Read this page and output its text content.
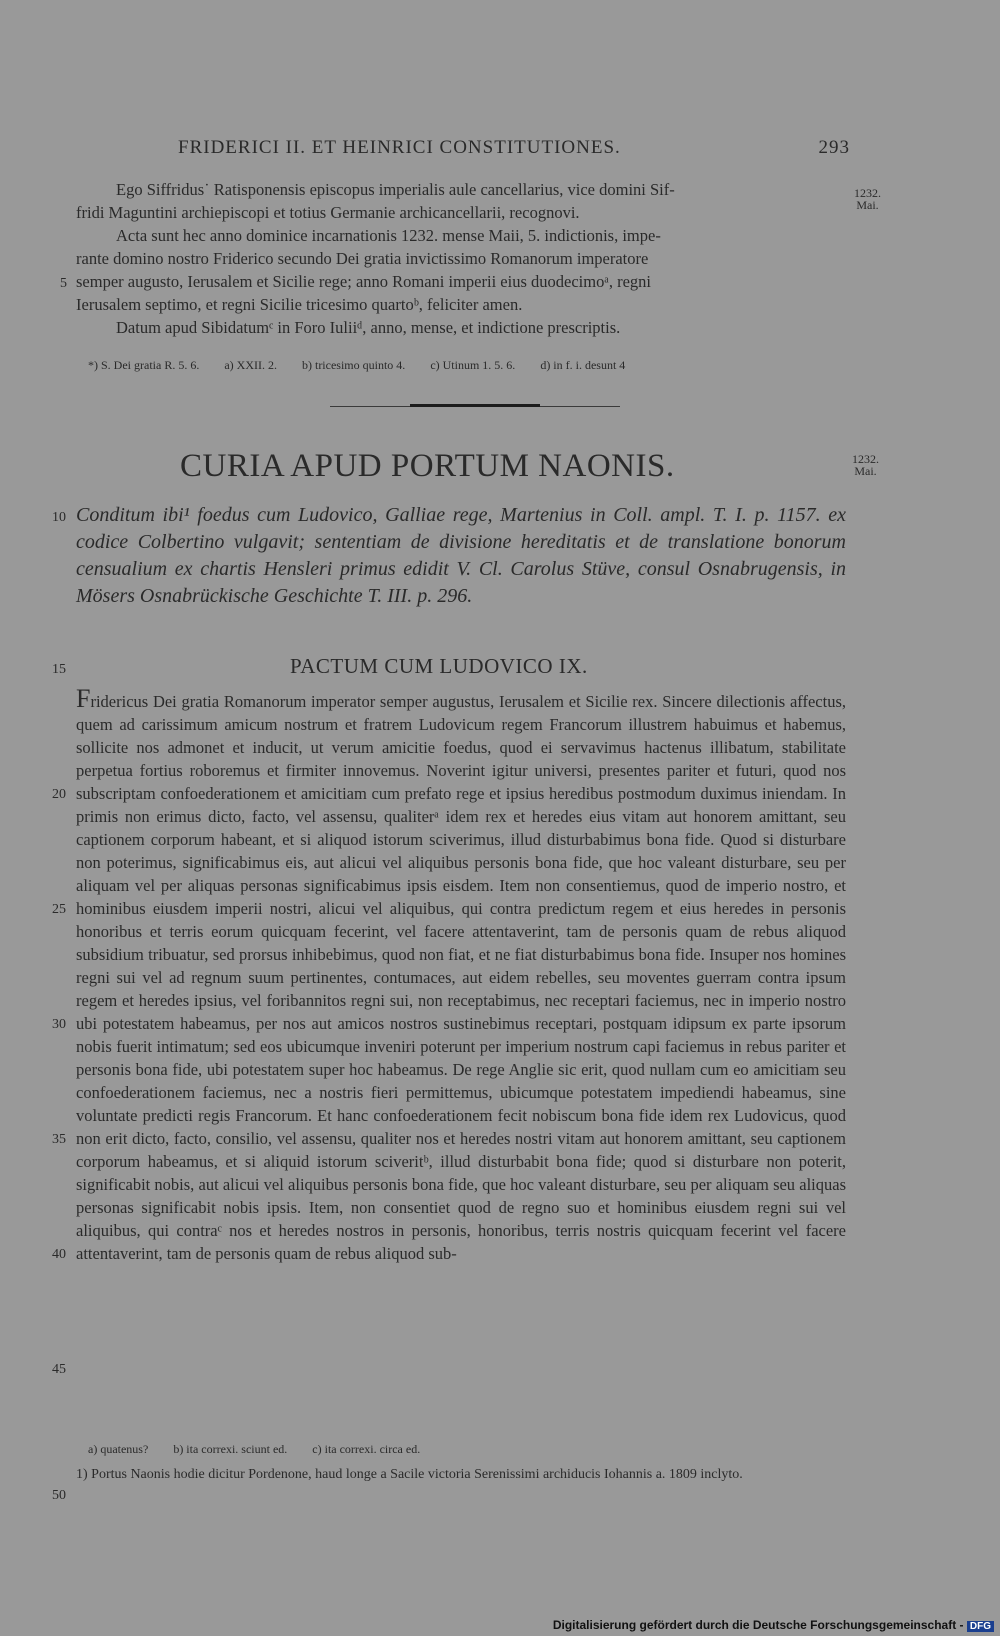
FRIDERICI II. ET HEINRICI CONSTITUTIONES.	293
1232.
Mai.

Ego Siffridus˙ Ratisponensis episcopus imperialis aule cancellarius, vice domini Sif-

fridi Maguntini archiepiscopi et totius Germanie archicancellarii, recognovi.

Acta sunt hec anno dominice incarnationis 1232. mense Maii, 5. indictionis, impe-

rante domino nostro Friderico secundo Dei gratia invictissimo Romanorum imperatore

semper augusto, Ierusalem et Sicilie rege; anno Romani imperii eius duodecimoᵃ, regni

Ierusalem septimo, et regni Sicilie tricesimo quartoᵇ, feliciter amen.

Datum apud Sibidatumᶜ in Foro Iuliiᵈ, anno, mense, et indictione prescriptis.

5
*) S. Dei gratia R. 5. 6. a) XXII. 2. b) tricesimo quinto 4. c) Utinum 1. 5. 6. d) in f. i. desunt 4
CURIA APUD PORTUM NAONIS.	1232.
Mai.
10 Conditum ibi¹ foedus cum Ludovico, Galliae rege, Martenius in Coll. ampl. T. I. p. 1157. ex codice Colbertino vulgavit; sententiam de divisione hereditatis et de translatione bonorum censualium ex chartis Hensleri primus edidit V. Cl. Carolus Stüve, consul Osnabrugensis, in Mösers Osnabrückische Geschichte T. III. p. 296.
15	PACTUM CUM LUDOVICO IX.

Fridericus Dei gratia Romanorum imperator semper augustus, Ierusalem et Sicilie rex. Sincere dilectionis affectus, quem ad carissimum amicum nostrum et fratrem Ludovicum regem Francorum illustrem habuimus et habemus, sollicite nos admonet et inducit, ut verum amicitie foedus, quod ei servavimus hactenus illibatum, stabilitate perpetua fortius roboremus et firmiter innovemus. Noverint igitur universi, presentes pariter et futuri, quod nos subscriptam confoederationem et amicitiam cum prefato rege et ipsius heredibus postmodum duximus iniendam. In primis non erimus dicto, facto, vel assensu, qualiterᵃ idem rex et heredes eius vitam aut honorem amittant, seu captionem corporum habeant, et si aliquod istorum sciverimus, illud disturbabimus bona fide. Quod si disturbare non poterimus, significabimus eis, aut alicui vel aliquibus personis bona fide, que hoc valeant disturbare, seu per aliquam vel per aliquas personas significabimus ipsis eisdem. Item non consentiemus, quod de imperio nostro, et hominibus eiusdem imperii nostri, alicui vel aliquibus, qui contra predictum regem et eius heredes in personis honoribus et terris eorum quicquam fecerint, vel facere attentaverint, tam de personis quam de rebus aliquod subsidium tribuatur, sed prorsus inhibebimus, quod non fiat, et ne fiat disturbabimus bona fide. Insuper nos homines regni sui vel ad regnum suum pertinentes, contumaces, aut eidem rebelles, seu moventes guerram contra ipsum regem et heredes ipsius, vel foribannitos regni sui, non receptabimus, nec receptari faciemus, nec in imperio nostro ubi potestatem habeamus, per nos aut amicos nostros sustinebimus receptari, postquam idipsum ex parte ipsorum nobis fuerit intimatum; sed eos ubicumque inveniri poterunt per imperium nostrum capi faciemus in rebus pariter et personis bona fide, ubi potestatem super hoc habeamus. De rege Anglie sic erit, quod nullam cum eo amicitiam seu confoederationem faciemus, nec a nostris fieri permittemus, ubicumque potestatem impediendi habeamus, sine voluntate predicti regis Francorum. Et hanc confoederationem fecit nobiscum bona fide idem rex Ludovicus, quod non erit dicto, facto, consilio, vel assensu, qualiter nos et heredes nostri vitam aut honorem amittant, seu captionem corporum habeamus, et si aliquid istorum sciveritᵇ, illud disturbabit bona fide; quod si disturbare non poterit, significabit nobis, aut alicui vel aliquibus personis bona fide, que hoc valeant disturbare, seu per aliquam seu aliquas personas significabit nobis ipsis. Item, non consentiet quod de regno suo et hominibus eiusdem regni sui vel aliquibus, qui contraᶜ nos et heredes nostros in personis, honoribus, terris nostris quicquam fecerint vel facere attentaverint, tam de personis quam de rebus aliquod sub-

20
25
30
35
40
45
a) quatenus? b) ita correxi. sciunt ed. c) ita correxi. circa ed.
1) Portus Naonis hodie dicitur Pordenone, haud longe a Sacile victoria Serenissimi archiducis Iohannis a. 1809 inclyto.
50
Digitalisierung gefördert durch die Deutsche Forschungsgemeinschaft - DFG
